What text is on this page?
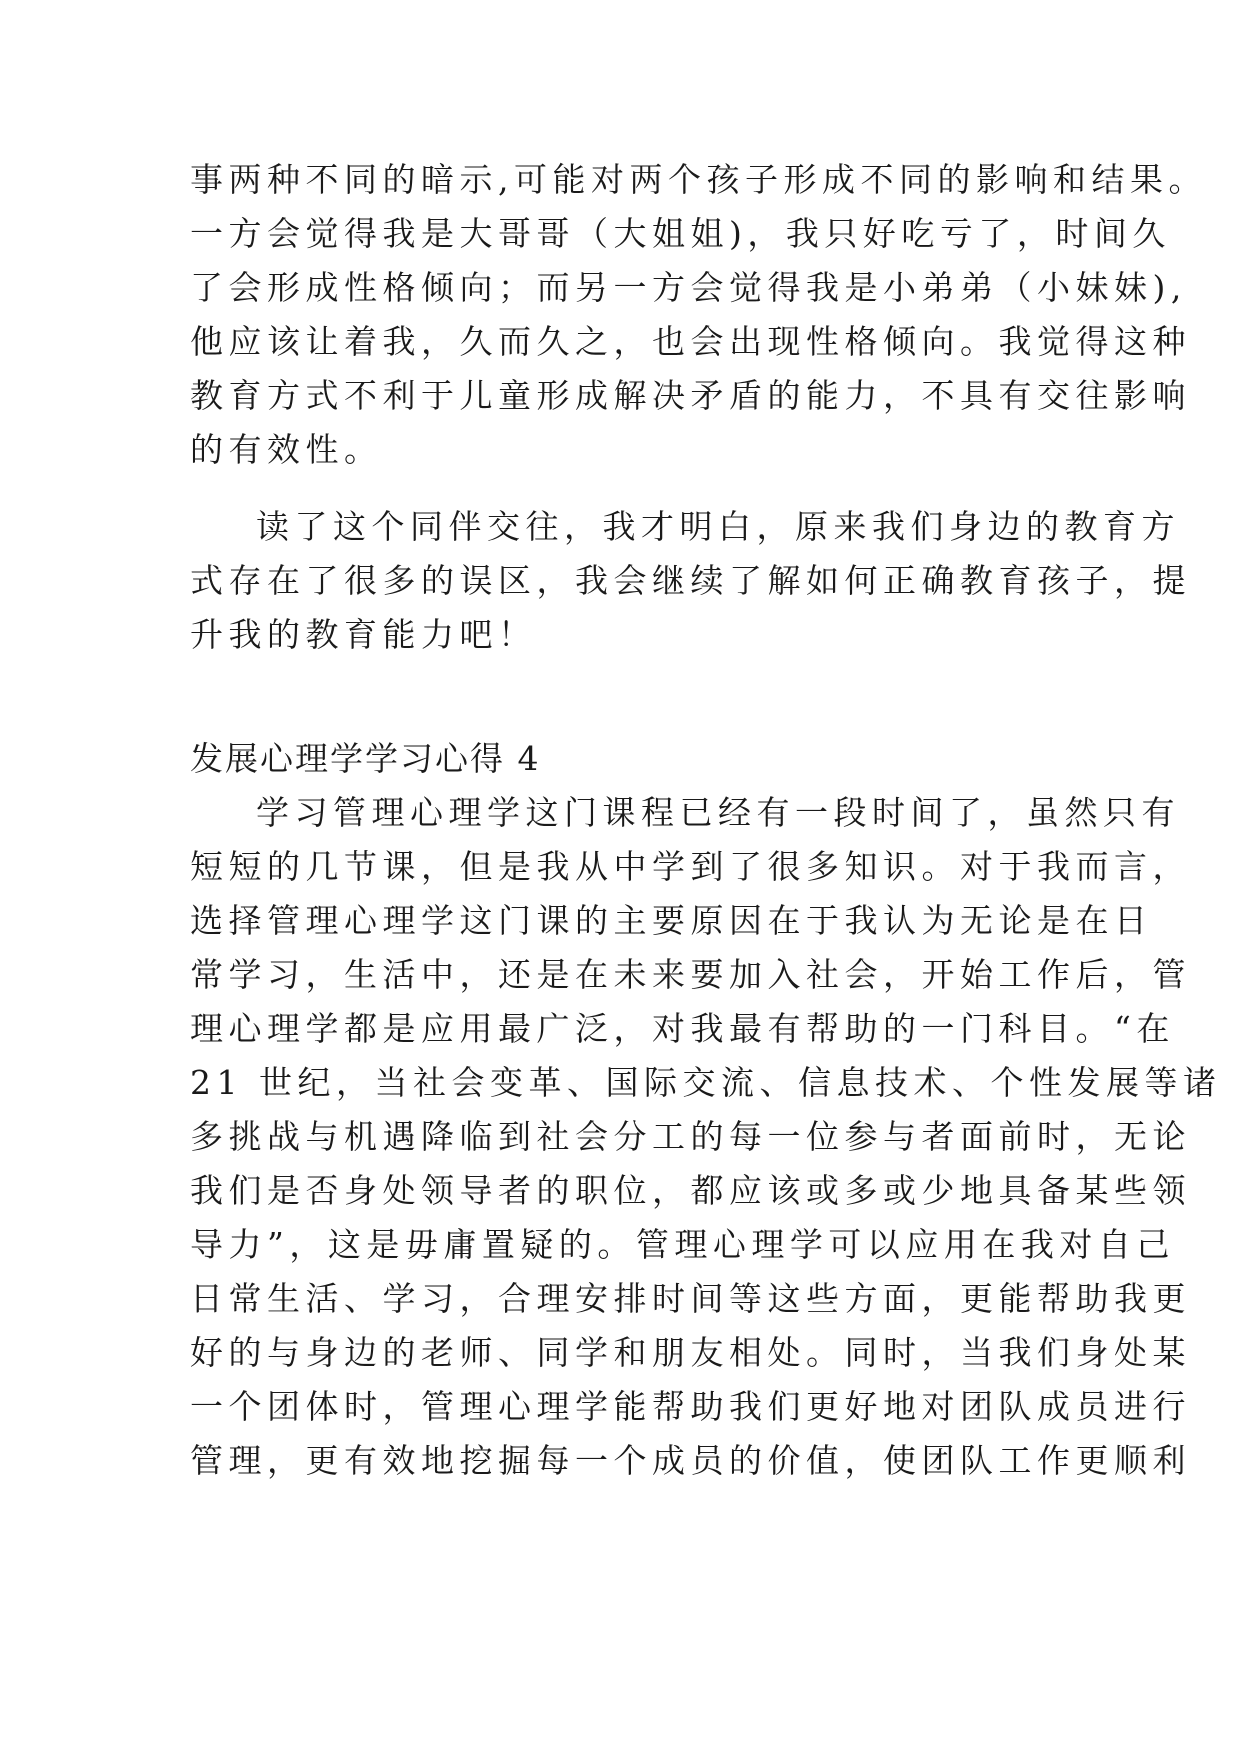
事两种不同的暗示,可能对两个孩子形成不同的影响和结果。
一方会觉得我是大哥哥（大姐姐)，我只好吃亏了，时间久
了会形成性格倾向；而另一方会觉得我是小弟弟（小妹妹),
他应该让着我，久而久之，也会出现性格倾向。我觉得这种
教育方式不利于儿童形成解决矛盾的能力，不具有交往影响
的有效性。
读了这个同伴交往，我才明白，原来我们身边的教育方
式存在了很多的误区，我会继续了解如何正确教育孩子，提
升我的教育能力吧！
发展心理学学习心得 4
学习管理心理学这门课程已经有一段时间了，虽然只有
短短的几节课，但是我从中学到了很多知识。对于我而言，
选择管理心理学这门课的主要原因在于我认为无论是在日
常学习，生活中，还是在未来要加入社会，开始工作后，管
理心理学都是应用最广泛，对我最有帮助的一门科目。“在
21 世纪，当社会变革、国际交流、信息技术、个性发展等诸
多挑战与机遇降临到社会分工的每一位参与者面前时，无论
我们是否身处领导者的职位，都应该或多或少地具备某些领
导力”，这是毋庸置疑的。管理心理学可以应用在我对自己
日常生活、学习，合理安排时间等这些方面，更能帮助我更
好的与身边的老师、同学和朋友相处。同时，当我们身处某
一个团体时，管理心理学能帮助我们更好地对团队成员进行
管理，更有效地挖掘每一个成员的价值，使团队工作更顺利
